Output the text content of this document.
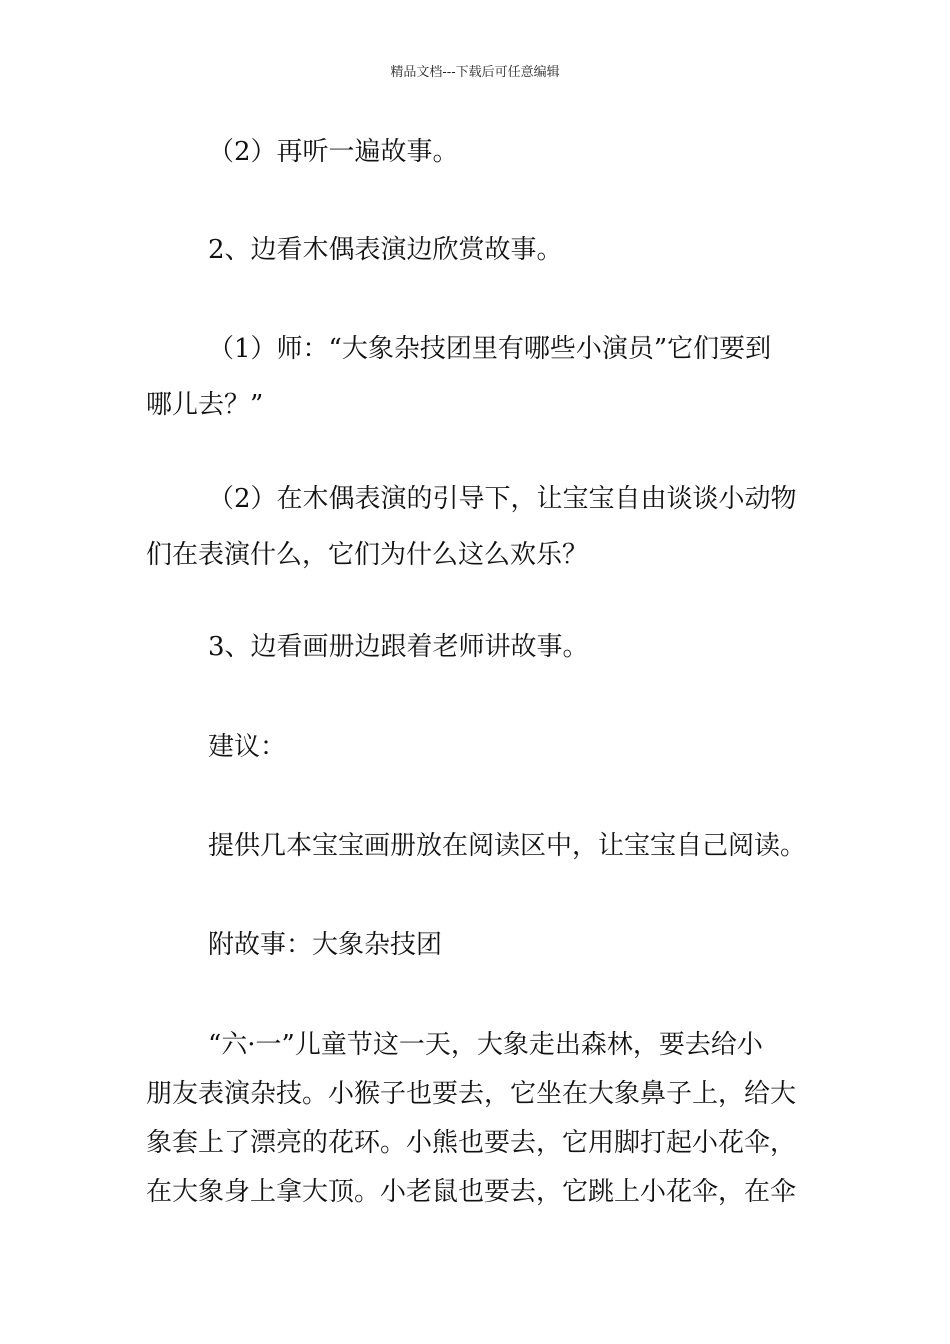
精品文档---下载后可任意编辑
（2）再听一遍故事。
2、边看木偶表演边欣赏故事。
（1）师：“大象杂技团里有哪些小演员”它们要到
哪儿去？”
（2）在木偶表演的引导下，让宝宝自由谈谈小动物
们在表演什么，它们为什么这么欢乐？
3、边看画册边跟着老师讲故事。
建议：
提供几本宝宝画册放在阅读区中，让宝宝自己阅读。
附故事：大象杂技团
“六·一”儿童节这一天，大象走出森林，要去给小
朋友表演杂技。小猴子也要去，它坐在大象鼻子上，给大
象套上了漂亮的花环。小熊也要去，它用脚打起小花伞，
在大象身上拿大顶。小老鼠也要去，它跳上小花伞，在伞
